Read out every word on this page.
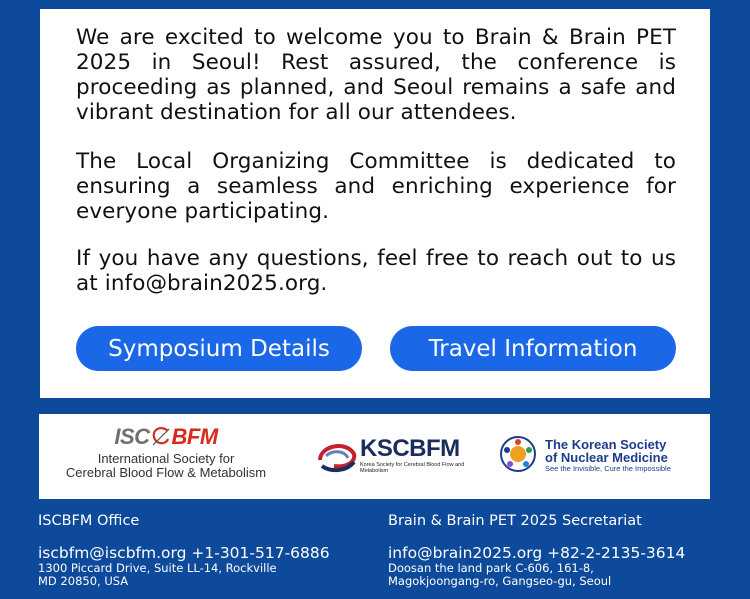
We are excited to welcome you to Brain & Brain PET 2025 in Seoul! Rest assured, the conference is proceeding as planned, and Seoul remains a safe and vibrant destination for all our attendees.

The Local Organizing Committee is dedicated to ensuring a seamless and enriching experience for everyone participating.

If you have any questions, feel free to reach out to us at info@brain2025.org.

Symposium Details	Travel Information
ISC BFM
International Society for
Cerebral Blood Flow & Metabolism
KSCBFM
Korea Society for Cerebral Blood Flow and Metabolism
The Korean Society
of Nuclear Medicine
See the Invisible, Cure the Impossible
ISCBFM Office
iscbfm@iscbfm.org +1-301-517-6886
1300 Piccard Drive, Suite LL-14, Rockville
MD 20850, USA
Brain & Brain PET 2025 Secretariat
info@brain2025.org +82-2-2135-3614
Doosan the land park C-606, 161-8,
Magokjoongang-ro, Gangseo-gu, Seoul
